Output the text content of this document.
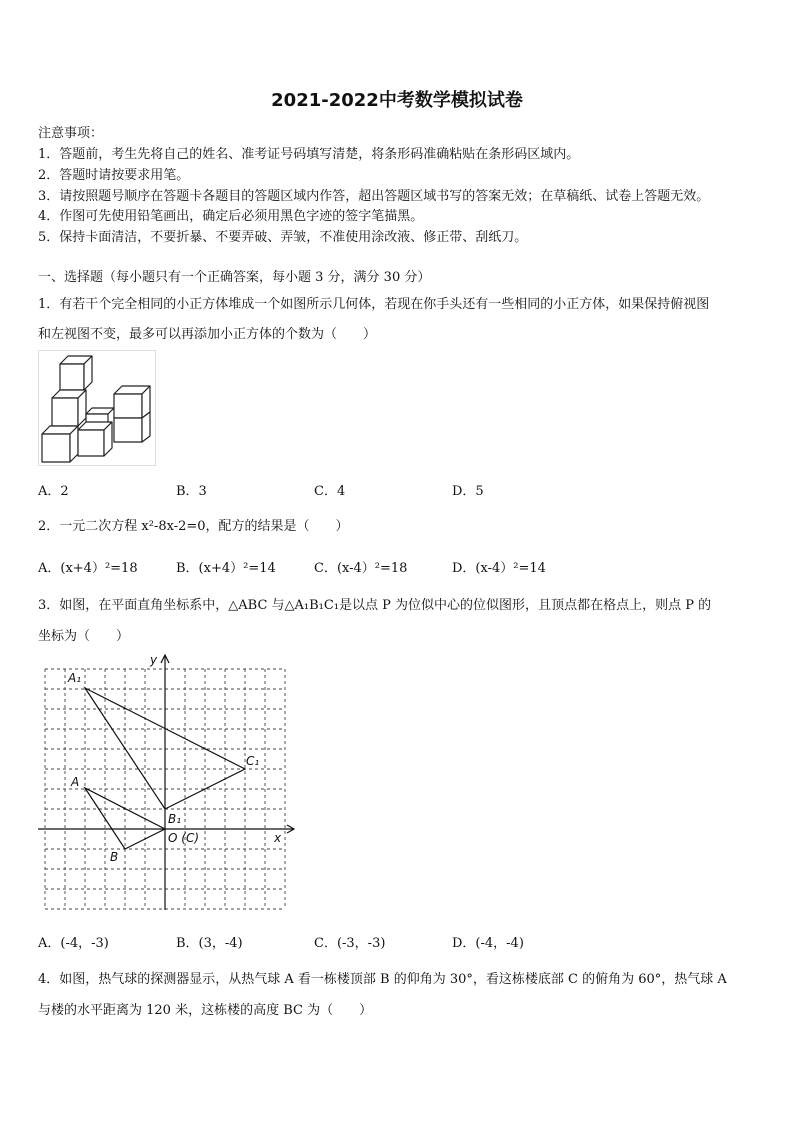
2021-2022中考数学模拟试卷
注意事项：
1．答题前，考生先将自己的姓名、准考证号码填写清楚，将条形码准确粘贴在条形码区域内。
2．答题时请按要求用笔。
3．请按照题号顺序在答题卡各题目的答题区域内作答，超出答题区域书写的答案无效；在草稿纸、试卷上答题无效。
4．作图可先使用铅笔画出，确定后必须用黑色字迹的签字笔描黑。
5．保持卡面清洁，不要折暴、不要弄破、弄皱，不准使用涂改液、修正带、刮纸刀。
一、选择题（每小题只有一个正确答案，每小题 3 分，满分 30 分）
1．有若干个完全相同的小正方体堆成一个如图所示几何体，若现在你手头还有一些相同的小正方体，如果保持俯视图
和左视图不变，最多可以再添加小正方体的个数为（　　）
A．2	B．3	C．4	D．5
2．一元二次方程 x²-8x-2=0，配方的结果是（　　）
A．(x+4）²=18	B．(x+4）²=14	C．(x-4）²=18	D．(x-4）²=14
3．如图，在平面直角坐标系中，△ABC 与△A₁B₁C₁是以点 P 为位似中心的位似图形，且顶点都在格点上，则点 P 的
坐标为（　　）
y
x
A₁
A
C₁
B₁
O (C)
B
A．(-4，-3)	B．(3，-4)	C．(-3，-3)	D．(-4，-4)
4．如图，热气球的探测器显示，从热气球 A 看一栋楼顶部 B 的仰角为 30°，看这栋楼底部 C 的俯角为 60°，热气球 A
与楼的水平距离为 120 米，这栋楼的高度 BC 为（　　）
